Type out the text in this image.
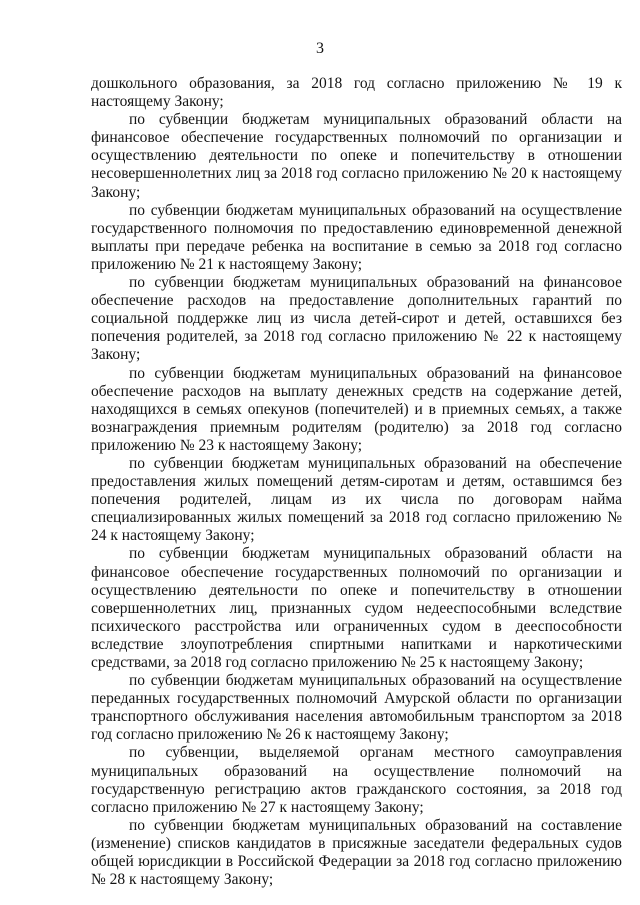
3

дошкольного образования, за 2018 год согласно приложению № 19 к настоящему Закону;

по субвенции бюджетам муниципальных образований области на финансовое обеспечение государственных полномочий по организации и осуществлению деятельности по опеке и попечительству в отношении несовершеннолетних лиц за 2018 год согласно приложению № 20 к настоящему Закону;

по субвенции бюджетам муниципальных образований на осуществление государственного полномочия по предоставлению единовременной денежной выплаты при передаче ребенка на воспитание в семью за 2018 год согласно приложению № 21 к настоящему Закону;

по субвенции бюджетам муниципальных образований на финансовое обеспечение расходов на предоставление дополнительных гарантий по социальной поддержке лиц из числа детей-сирот и детей, оставшихся без попечения родителей, за 2018 год согласно приложению № 22 к настоящему Закону;

по субвенции бюджетам муниципальных образований на финансовое обеспечение расходов на выплату денежных средств на содержание детей, находящихся в семьях опекунов (попечителей) и в приемных семьях, а также вознаграждения приемным родителям (родителю) за 2018 год согласно приложению № 23 к настоящему Закону;

по субвенции бюджетам муниципальных образований на обеспечение предоставления жилых помещений детям-сиротам и детям, оставшимся без попечения родителей, лицам из их числа по договорам найма специализированных жилых помещений за 2018 год согласно приложению № 24 к настоящему Закону;

по субвенции бюджетам муниципальных образований области на финансовое обеспечение государственных полномочий по организации и осуществлению деятельности по опеке и попечительству в отношении совершеннолетних лиц, признанных судом недееспособными вследствие психического расстройства или ограниченных судом в дееспособности вследствие злоупотребления спиртными напитками и наркотическими средствами, за 2018 год согласно приложению № 25 к настоящему Закону;

по субвенции бюджетам муниципальных образований на осуществление переданных государственных полномочий Амурской области по организации транспортного обслуживания населения автомобильным транспортом за 2018 год согласно приложению № 26 к настоящему Закону;

по субвенции, выделяемой органам местного самоуправления муниципальных образований на осуществление полномочий на государственную регистрацию актов гражданского состояния, за 2018 год согласно приложению № 27 к настоящему Закону;

по субвенции бюджетам муниципальных образований на составление (изменение) списков кандидатов в присяжные заседатели федеральных судов общей юрисдикции в Российской Федерации за 2018 год согласно приложению № 28 к настоящему Закону;
